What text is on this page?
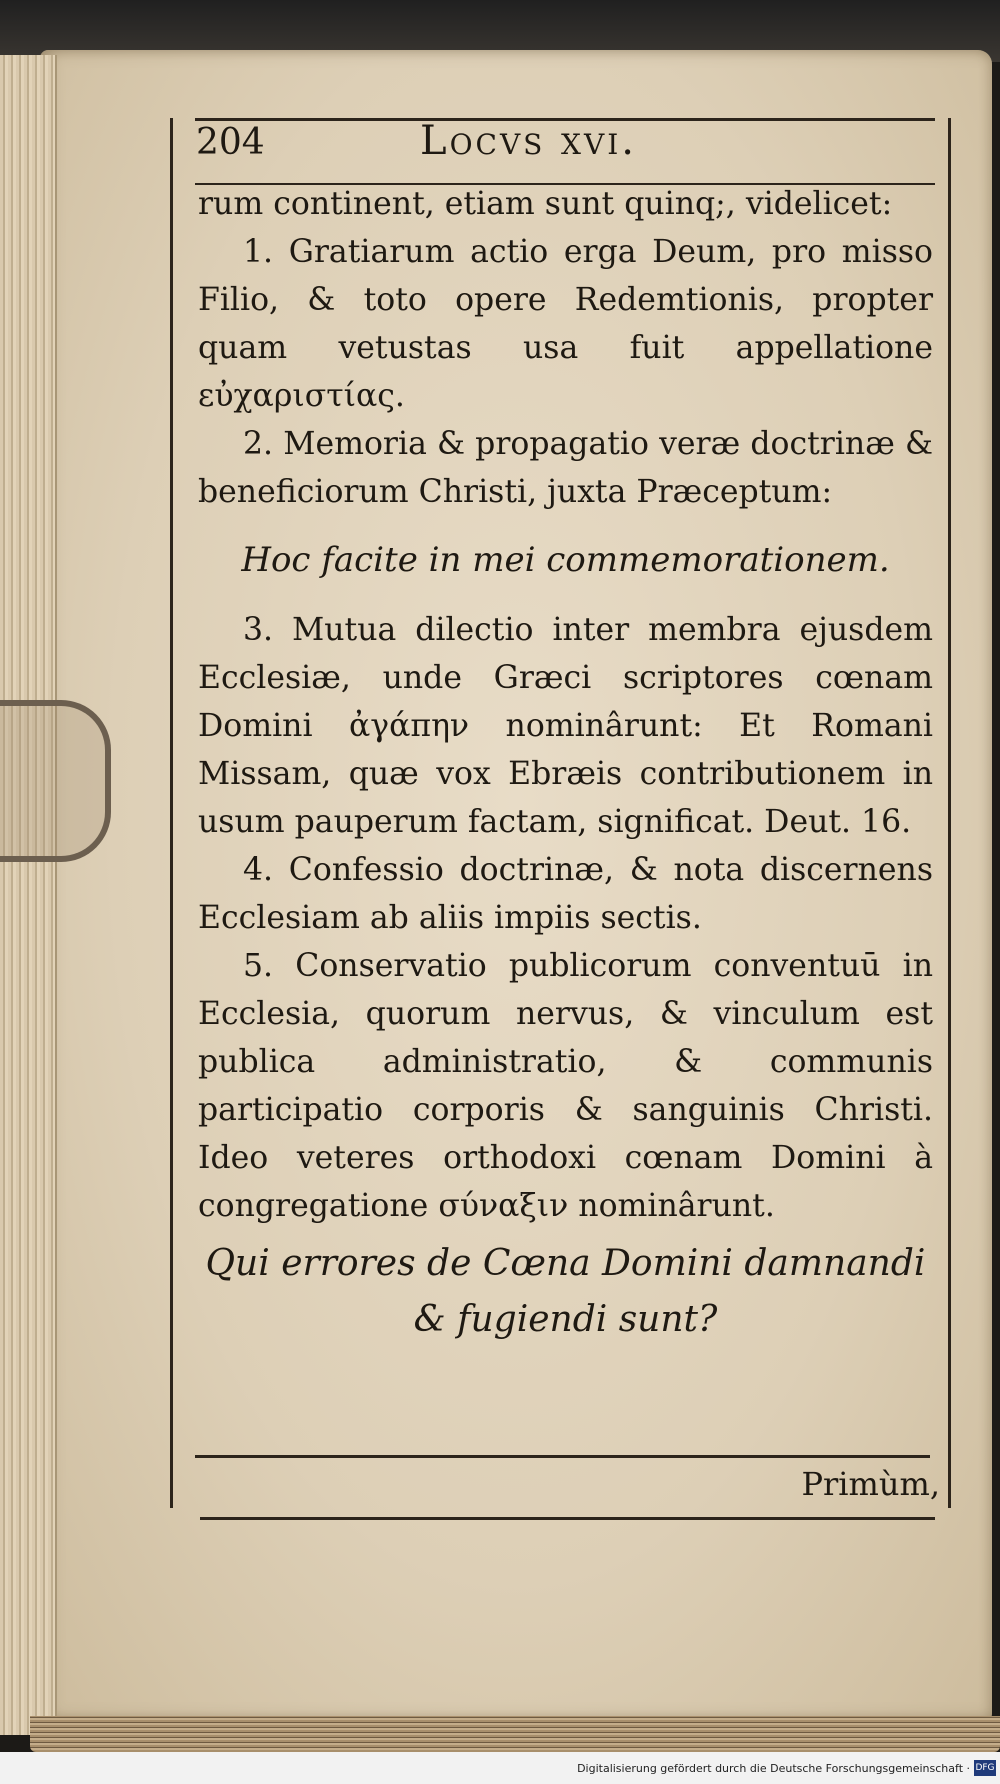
204	Locvs xvi.

rum continent, etiam sunt quinq;, videlicet:

1. Gratiarum actio erga Deum, pro misso Filio, & toto opere Redemtionis, propter quam vetustas usa fuit appellatione εὐχαριστίας.

2. Memoria & propagatio veræ doctrinæ & beneficiorum Christi, juxta Præceptum:

Hoc facite in mei commemorationem.

3. Mutua dilectio inter membra ejusdem Ecclesiæ, unde Græci scriptores cœnam Domini ἀγάπην nominârunt: Et Romani Missam, quæ vox Ebræis contributionem in usum pauperum factam, significat. Deut. 16.

4. Confessio doctrinæ, & nota discernens Ecclesiam ab aliis impiis sectis.

5. Conservatio publicorum conventuū in Ecclesia, quorum nervus, & vinculum est publica administratio, & communis participatio corporis & sanguinis Christi. Ideo veteres orthodoxi cœnam Domini à congregatione σύναξιν nominârunt.

Qui errores de Cœna Domini damnandi & fugiendi sunt?

Primùm,
Digitalisierung gefördert durch die Deutsche Forschungsgemeinschaft · DFG
